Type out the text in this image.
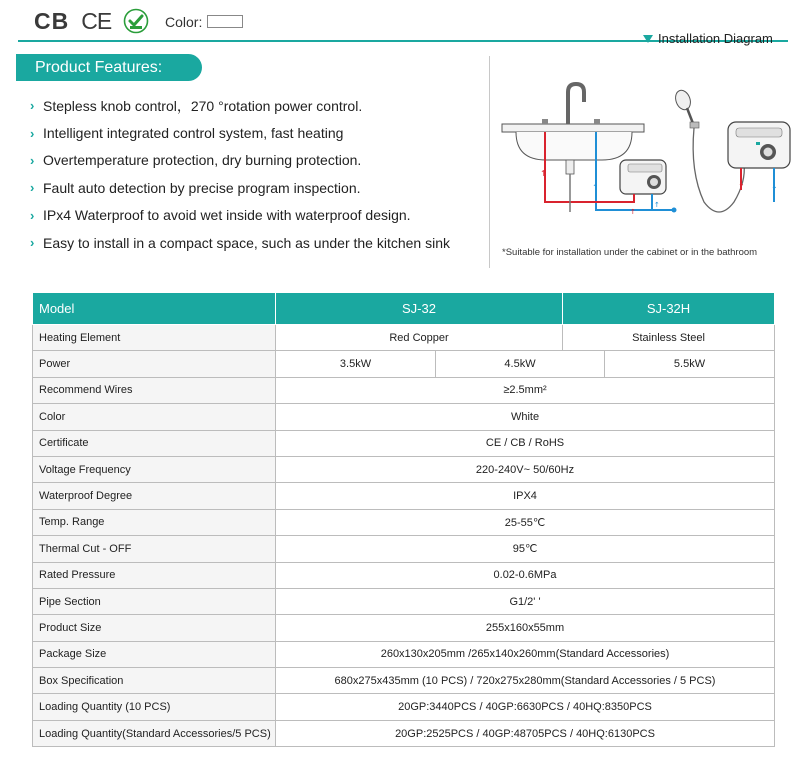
CB CE	Color:
Installation Diagram
Product Features:
› Stepless knob control，270 °rotation power control.
› Intelligent integrated control system, fast heating
› Overtemperature protection, dry burning protection.
› Fault auto detection by precise program inspection.
› IPx4 Waterproof to avoid wet inside with waterproof design.
› Easy to install in a compact space, such as under the kitchen sink
↑
↑
↑
↑
↓
↑
*Suitable for installation under the cabinet or in the bathroom
Model	SJ-32		SJ-32H	
Heating Element	Red Copper		Stainless Steel	
Power	3.5kW	4.5kW		5.5kW
Recommend Wires	≥2.5mm²			
Color	White			
Certificate	CE / CB / RoHS			
Voltage Frequency	220-240V~ 50/60Hz			
Waterproof Degree	IPX4			
Temp. Range	25-55℃			
Thermal Cut - OFF	95℃			
Rated Pressure	0.02-0.6MPa			
Pipe Section	G1/2' '			
Product Size	255x160x55mm			
Package Size	260x130x205mm /265x140x260mm(Standard Accessories)			
Box Specification	680x275x435mm (10 PCS) / 720x275x280mm(Standard Accessories / 5 PCS)			
Loading Quantity (10 PCS)	20GP:3440PCS / 40GP:6630PCS / 40HQ:8350PCS			
Loading Quantity(Standard Accessories/5 PCS)	20GP:2525PCS / 40GP:48705PCS / 40HQ:6130PCS			
